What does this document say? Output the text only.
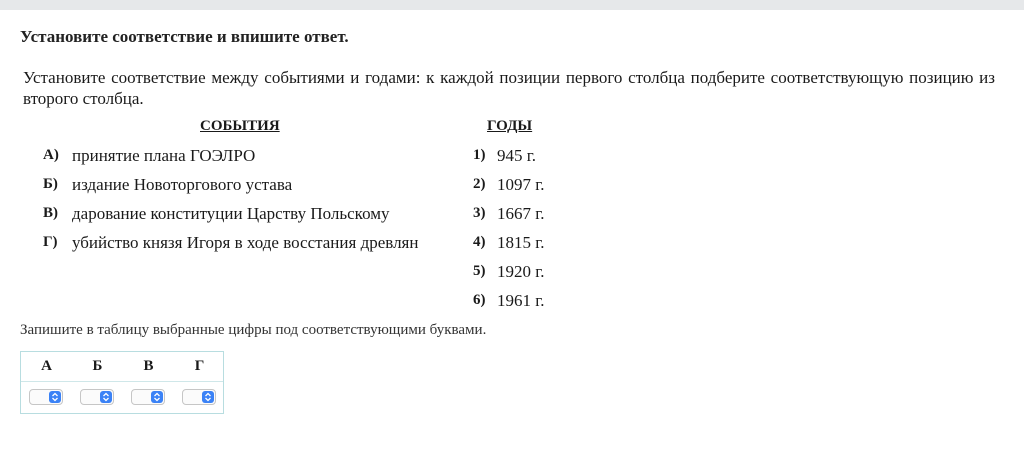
Установите соответствие и впишите ответ.
Установите соответствие между событиями и годами: к каждой позиции первого столбца подберите соответствующую позицию из второго столбца.
СОБЫТИЯ	ГОДЫ
А) принятие плана ГОЭЛРО
Б) издание Новоторгового устава
В) дарование конституции Царству Польскому
Г) убийство князя Игоря в ходе восстания древлян
1) 945 г.
2) 1097 г.
3) 1667 г.
4) 1815 г.
5) 1920 г.
6) 1961 г.
Запишите в таблицу выбранные цифры под соответствующими буквами.
А	Б	В	Г
